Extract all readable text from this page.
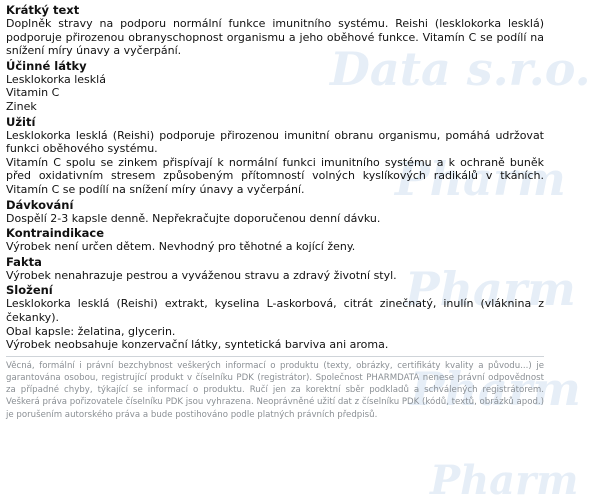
Data s.r.o.
Pharm
Pharm
Pharm
Pharm
Krátký text

Doplněk stravy na podporu normální funkce imunitního systému. Reishi (lesklokorka lesklá) podporuje přirozenou obranyschopnost organismu a jeho oběhové funkce. Vitamín C se podílí na snížení míry únavy a vyčerpání.

Účinné látky

Lesklokorka lesklá

Vitamin C

Zinek

Užití

Lesklokorka lesklá (Reishi) podporuje přirozenou imunitní obranu organismu, pomáhá udržovat funkci oběhového systému.

Vitamín C spolu se zinkem přispívají k normální funkci imunitního systému a k ochraně buněk před oxidativním stresem způsobeným přítomností volných kyslíkových radikálů v tkáních. Vitamín C se podílí na snížení míry únavy a vyčerpání.

Dávkování

Dospělí 2-3 kapsle denně. Nepřekračujte doporučenou denní dávku.

Kontraindikace

Výrobek není určen dětem. Nevhodný pro těhotné a kojící ženy.

Fakta

Výrobek nenahrazuje pestrou a vyváženou stravu a zdravý životní styl.

Složení

Lesklokorka lesklá (Reishi) extrakt, kyselina L-askorbová, citrát zinečnatý, inulín (vláknina z čekanky).

Obal kapsle: želatina, glycerin.

Výrobek neobsahuje konzervační látky, syntetická barviva ani aroma.

Věcná, formální i právní bezchybnost veškerých informací o produktu (texty, obrázky, certifikáty kvality a původu...) je garantována osobou, registrující produkt v číselníku PDK (registrátor). Společnost PHARMDATA nenese právní odpovědnost za případné chyby, týkající se informací o produktu. Ručí jen za korektní sběr podkladů a schválených registrátorem. Veškerá práva pořizovatele číselníku PDK jsou vyhrazena. Neoprávněné užití dat z číselníku PDK (kódů, textů, obrázků apod.) je porušením autorského práva a bude postihováno podle platných právních předpisů.
